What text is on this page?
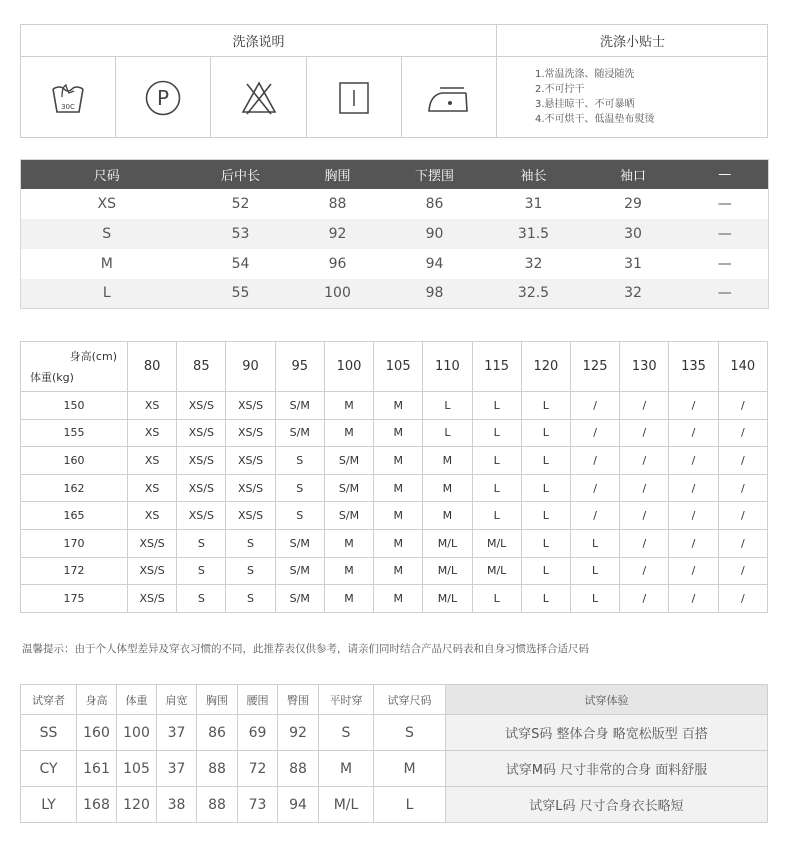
洗涤说明	洗涤小贴士
30C	P
1.常温洗涤、随浸随洗
2.不可拧干
3.悬挂晾干、不可暴晒
4.不可烘干、低温垫布熨烫
尺码	后中长	胸围	下摆围	袖长	袖口	—
XS	52	88	86	31	29	—
S	53	92	90	31.5	30	—
M	54	96	94	32	31	—
L	55	100	98	32.5	32	—
身高(cm)
体重(kg)	80	85	90	95	100	105	110	115	120	125	130	135	140
150	XS	XS/S	XS/S	S/M	M	M	L	L	L	/	/	/	/
155	XS	XS/S	XS/S	S/M	M	M	L	L	L	/	/	/	/
160	XS	XS/S	XS/S	S	S/M	M	M	L	L	/	/	/	/
162	XS	XS/S	XS/S	S	S/M	M	M	L	L	/	/	/	/
165	XS	XS/S	XS/S	S	S/M	M	M	L	L	/	/	/	/
170	XS/S	S	S	S/M	M	M	M/L	M/L	L	L	/	/	/
172	XS/S	S	S	S/M	M	M	M/L	M/L	L	L	/	/	/
175	XS/S	S	S	S/M	M	M	M/L	L	L	L	/	/	/
温馨提示：由于个人体型差异及穿衣习惯的不同，此推荐表仅供参考，请亲们同时结合产品尺码表和自身习惯选择合适尺码
试穿者	身高	体重	肩宽	胸围	腰围	臀围	平时穿	试穿尺码	试穿体验
SS	160	100	37	86	69	92	S	S	试穿S码 整体合身 略宽松版型 百搭
CY	161	105	37	88	72	88	M	M	试穿M码 尺寸非常的合身 面料舒服
LY	168	120	38	88	73	94	M/L	L	试穿L码 尺寸合身衣长略短
